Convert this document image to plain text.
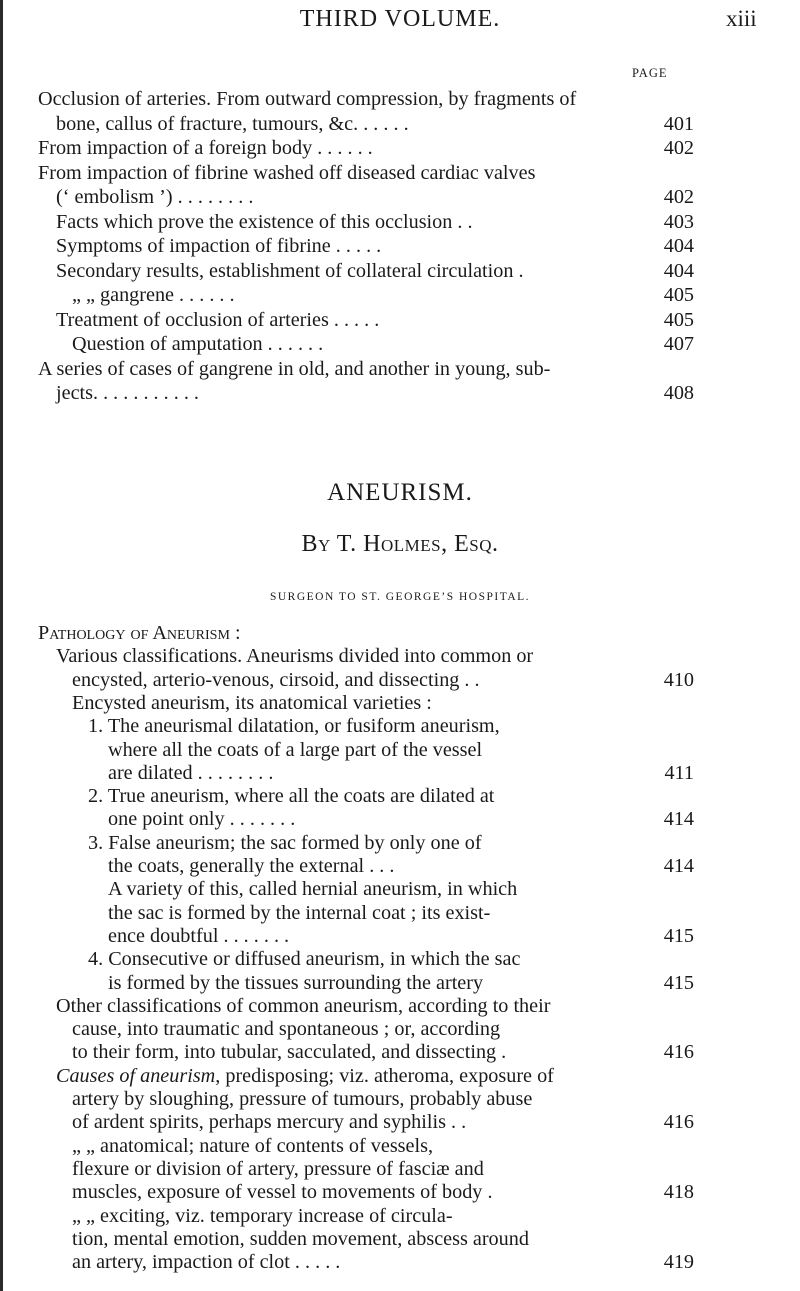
THIRD VOLUME.	xiii
PAGE
Occlusion of arteries. From outward compression, by fragments of
bone, callus of fracture, tumours, &c. . . . . .	401
From impaction of a foreign body . . . . . .	402
From impaction of fibrine washed off diseased cardiac valves
(‘ embolism ’) . . . . . . . .	402
Facts which prove the existence of this occlusion . .	403
Symptoms of impaction of fibrine . . . . .	404
Secondary results, establishment of collateral circulation .	404
„ „ gangrene . . . . . .	405
Treatment of occlusion of arteries . . . . .	405
Question of amputation . . . . . .	407
A series of cases of gangrene in old, and another in young, sub-
jects. . . . . . . . . . .	408
ANEURISM.
By T. Holmes, Esq.
SURGEON TO ST. GEORGE’S HOSPITAL.
Pathology of Aneurism :
Various classifications. Aneurisms divided into common or
encysted, arterio-venous, cirsoid, and dissecting . .	410
Encysted aneurism, its anatomical varieties :
1. The aneurismal dilatation, or fusiform aneurism,
where all the coats of a large part of the vessel
are dilated . . . . . . . .	411
2. True aneurism, where all the coats are dilated at
one point only . . . . . . .	414
3. False aneurism; the sac formed by only one of
the coats, generally the external . . .	414
A variety of this, called hernial aneurism, in which
the sac is formed by the internal coat ; its exist-
ence doubtful . . . . . . .	415
4. Consecutive or diffused aneurism, in which the sac
is formed by the tissues surrounding the artery	415
Other classifications of common aneurism, according to their
cause, into traumatic and spontaneous ; or, according
to their form, into tubular, sacculated, and dissecting .	416
Causes of aneurism, predisposing; viz. atheroma, exposure of
artery by sloughing, pressure of tumours, probably abuse
of ardent spirits, perhaps mercury and syphilis . .	416
„ „ anatomical; nature of contents of vessels,
flexure or division of artery, pressure of fasciæ and
muscles, exposure of vessel to movements of body .	418
„ „ exciting, viz. temporary increase of circula-
tion, mental emotion, sudden movement, abscess around
an artery, impaction of clot . . . . .	419
